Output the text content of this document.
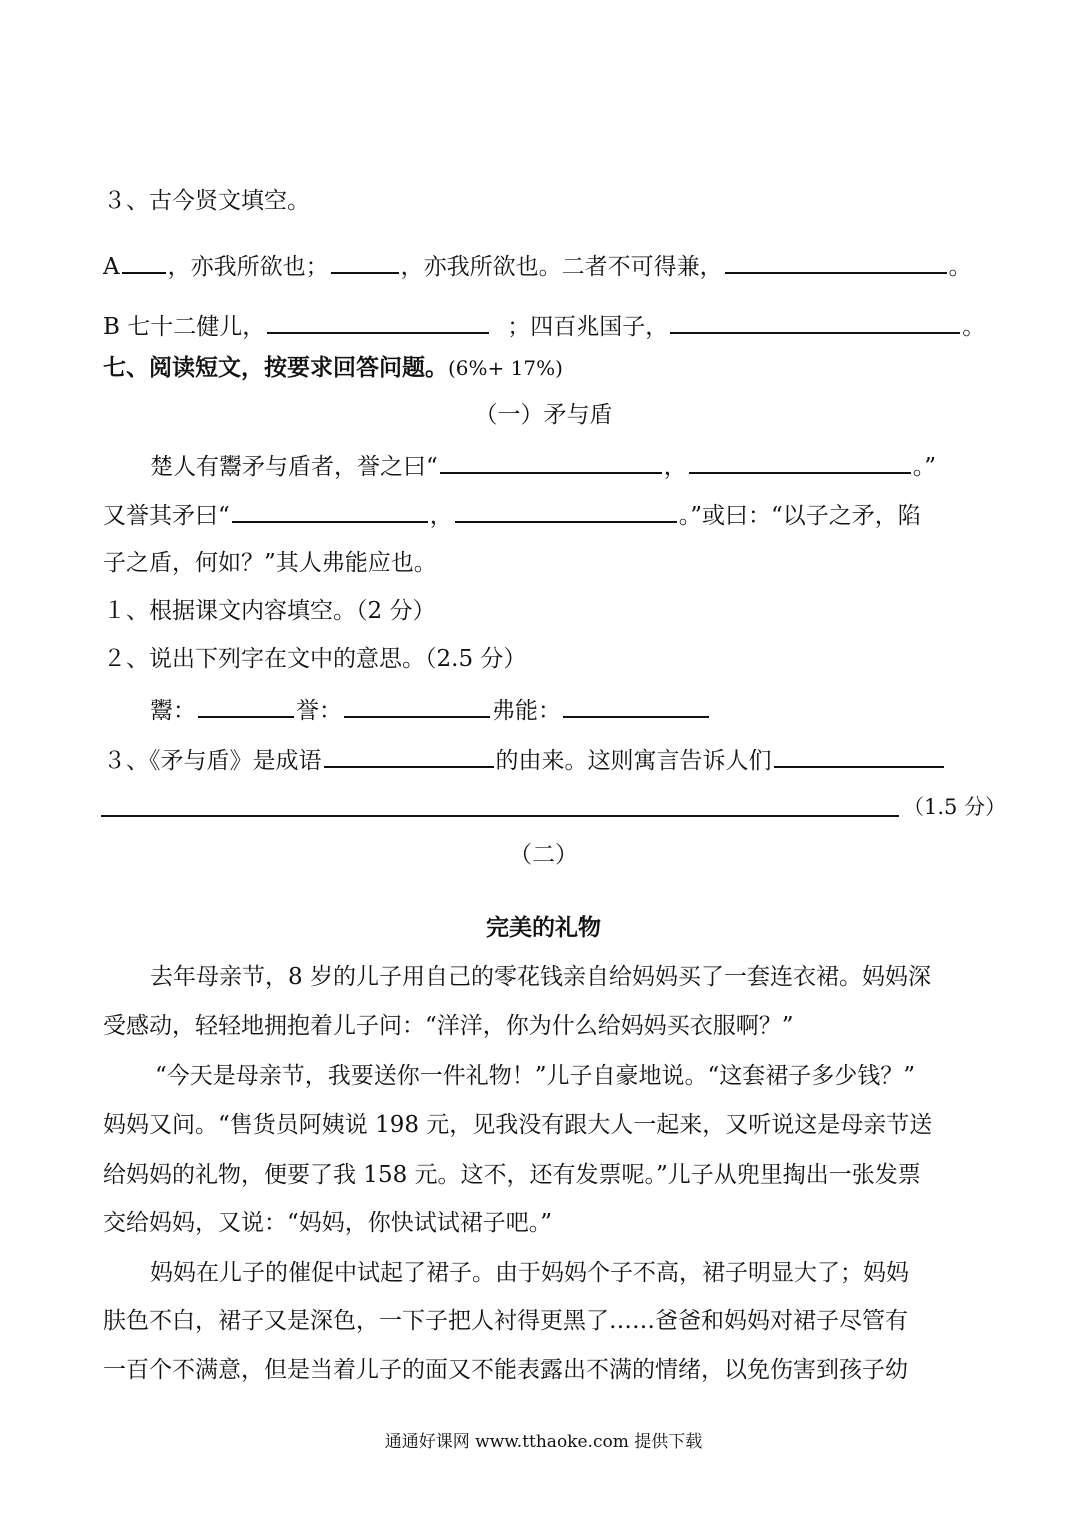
３、古今贤文填空。
A ，亦我所欲也；	，亦我所欲也。二者不可得兼，	。
B 七十二健儿，	；四百兆国子，	。
七、阅读短文，按要求回答问题。(6%+ 17%)
（一）矛与盾
楚人有鬻矛与盾者，誉之曰“	，	。”
又誉其矛曰“	，	。”或曰：“以子之矛，陷
子之盾，何如？”其人弗能应也。
１、根据课文内容填空。（2 分）
２、说出下列字在文中的意思。（2.5 分）
鬻：	誉：	弗能：
３、《矛与盾》是成语	的由来。这则寓言告诉人们
（1.5 分）
（二）
完美的礼物
去年母亲节，8 岁的儿子用自己的零花钱亲自给妈妈买了一套连衣裙。妈妈深
受感动，轻轻地拥抱着儿子问：“洋洋，你为什么给妈妈买衣服啊？”
“今天是母亲节，我要送你一件礼物！”儿子自豪地说。“这套裙子多少钱？”
妈妈又问。“售货员阿姨说 198 元，见我没有跟大人一起来，又听说这是母亲节送
给妈妈的礼物，便要了我 158 元。这不，还有发票呢。”儿子从兜里掏出一张发票
交给妈妈，又说：“妈妈，你快试试裙子吧。”
妈妈在儿子的催促中试起了裙子。由于妈妈个子不高，裙子明显大了；妈妈
肤色不白，裙子又是深色，一下子把人衬得更黑了……爸爸和妈妈对裙子尽管有
一百个不满意，但是当着儿子的面又不能表露出不满的情绪，以免伤害到孩子幼
通通好课网 www.tthaoke.com 提供下载
